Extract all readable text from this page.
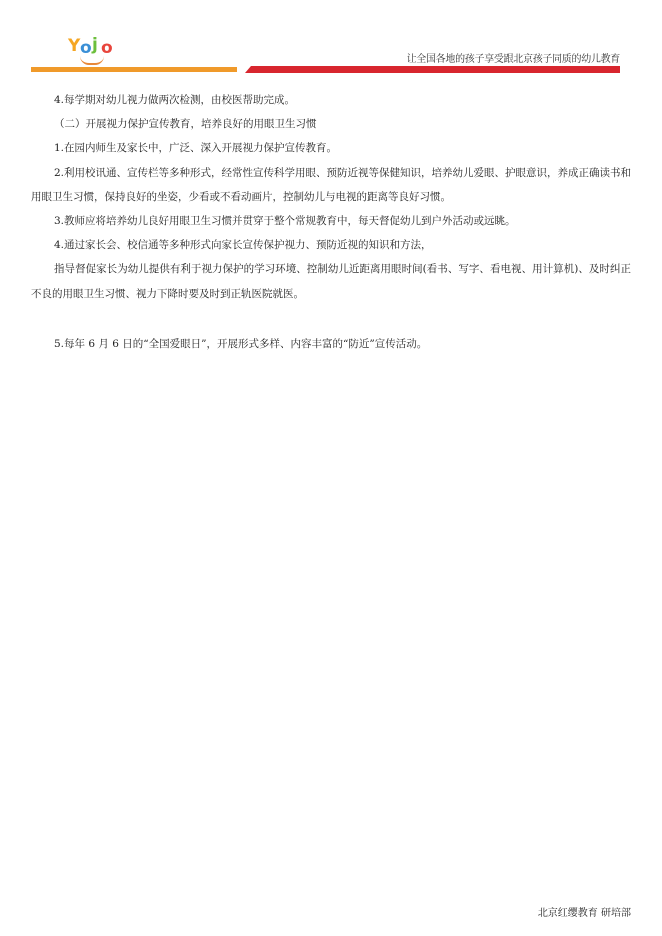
Y o j o
让全国各地的孩子享受跟北京孩子同质的幼儿教育

4.每学期对幼儿视力做两次检测，由校医帮助完成。

（二）开展视力保护宣传教育，培养良好的用眼卫生习惯

1.在园内师生及家长中，广泛、深入开展视力保护宣传教育。

2.利用校讯通、宣传栏等多种形式，经常性宣传科学用眼、预防近视等保健知识，培养幼儿爱眼、护眼意识，养成正确读书和用眼卫生习惯，保持良好的坐姿，少看或不看动画片，控制幼儿与电视的距离等良好习惯。

3.教师应将培养幼儿良好用眼卫生习惯并贯穿于整个常规教育中，每天督促幼儿到户外活动或远眺。

4.通过家长会、校信通等多种形式向家长宣传保护视力、预防近视的知识和方法，

指导督促家长为幼儿提供有利于视力保护的学习环境、控制幼儿近距离用眼时间(看书、写字、看电视、用计算机)、及时纠正不良的用眼卫生习惯、视力下降时要及时到正轨医院就医。

5.每年 6 月 6 日的“全国爱眼日”，开展形式多样、内容丰富的“防近”宣传活动。

北京红缨教育 研培部
